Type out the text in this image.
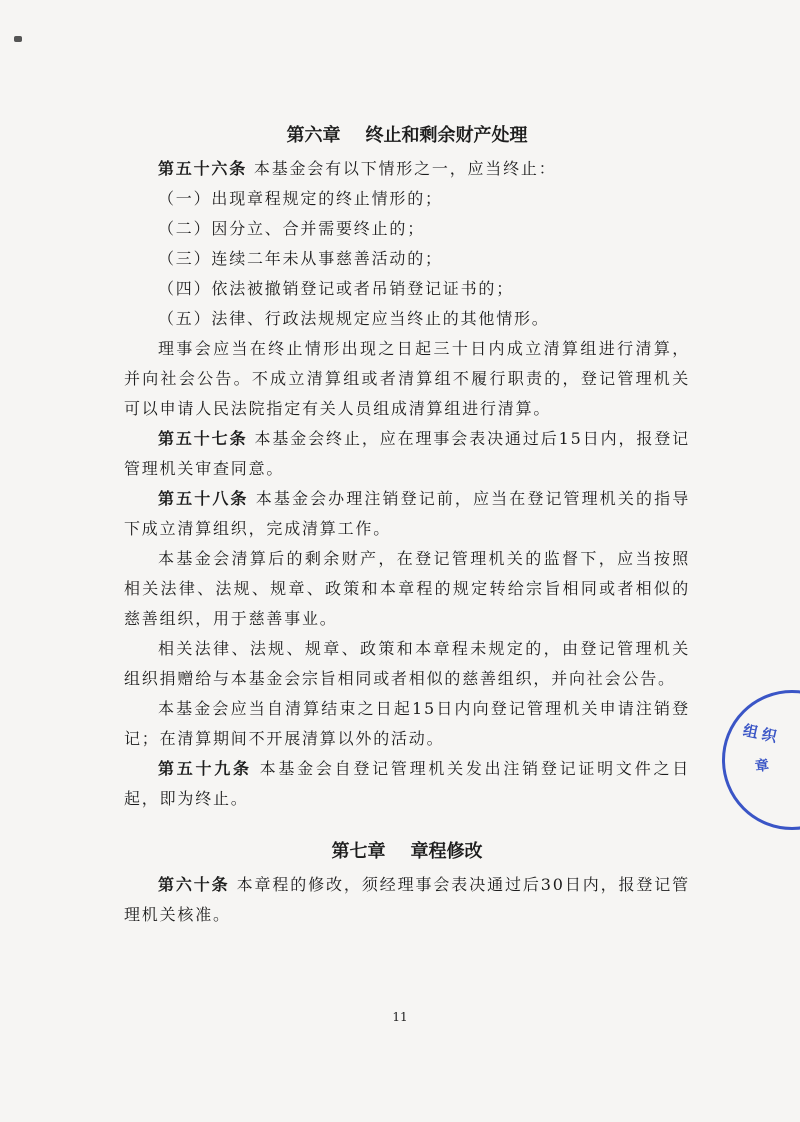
第六章    终止和剩余财产处理

第五十六条 本基金会有以下情形之一，应当终止：

（一）出现章程规定的终止情形的；

（二）因分立、合并需要终止的；

（三）连续二年未从事慈善活动的；

（四）依法被撤销登记或者吊销登记证书的；

（五）法律、行政法规规定应当终止的其他情形。

理事会应当在终止情形出现之日起三十日内成立清算组进行清算，并向社会公告。不成立清算组或者清算组不履行职责的，登记管理机关可以申请人民法院指定有关人员组成清算组进行清算。

第五十七条 本基金会终止，应在理事会表决通过后15日内，报登记管理机关审查同意。

第五十八条 本基金会办理注销登记前，应当在登记管理机关的指导下成立清算组织，完成清算工作。

本基金会清算后的剩余财产，在登记管理机关的监督下，应当按照相关法律、法规、规章、政策和本章程的规定转给宗旨相同或者相似的慈善组织，用于慈善事业。

相关法律、法规、规章、政策和本章程未规定的，由登记管理机关组织捐赠给与本基金会宗旨相同或者相似的慈善组织，并向社会公告。

本基金会应当自清算结束之日起15日内向登记管理机关申请注销登记；在清算期间不开展清算以外的活动。

第五十九条 本基金会自登记管理机关发出注销登记证明文件之日起，即为终止。

第七章    章程修改

第六十条 本章程的修改，须经理事会表决通过后30日内，报登记管理机关核准。

11
组织
章
